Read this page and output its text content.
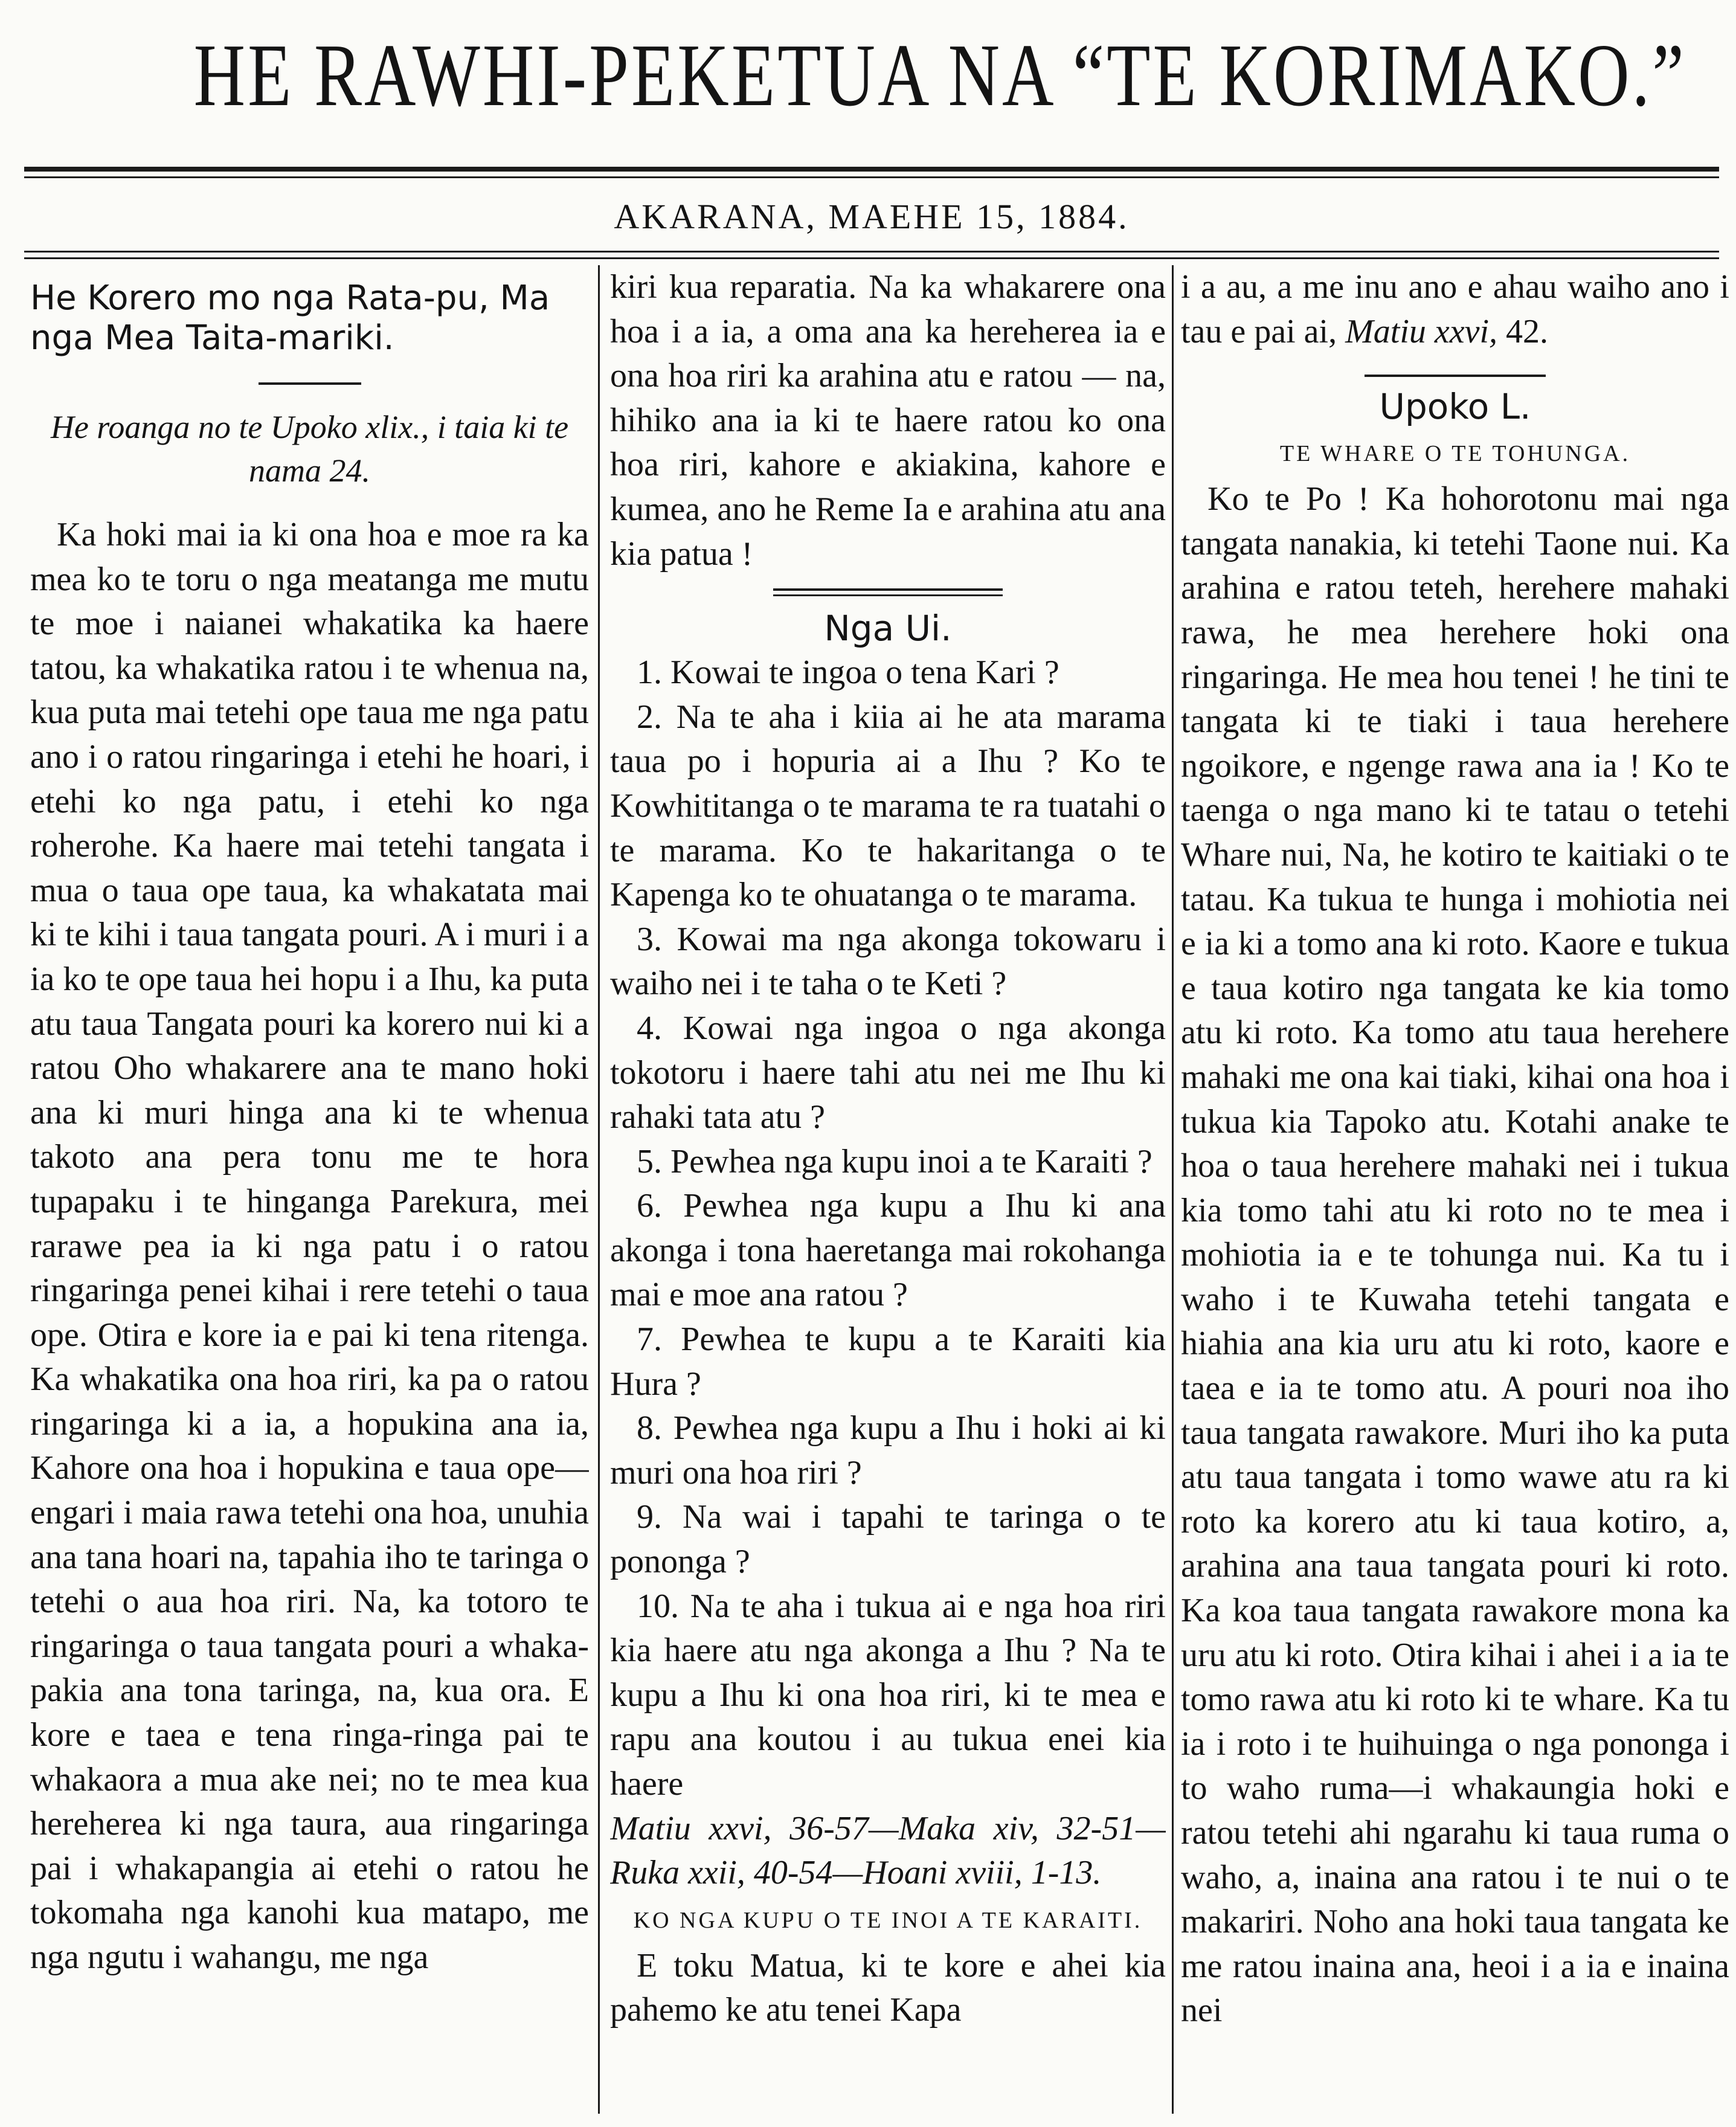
HE RAWHI-PEKETUA NA “TE KORIMAKO.”
AKARANA, MAEHE 15, 1884.
He Korero mo nga Rata-pu, Ma nga Mea Taita-mariki.
He roanga no te Upoko xlix., i taia ki te nama 24.

Ka hoki mai ia ki ona hoa e moe ra ka mea ko te toru o nga meatanga me mutu te moe i naianei whakatika ka haere tatou, ka whakatika ratou i te whenua na, kua puta mai tetehi ope taua me nga patu ano i o ratou ringaringa i etehi he hoari, i etehi ko nga patu, i etehi ko nga roherohe. Ka haere mai tetehi tangata i mua o taua ope taua, ka whakatata mai ki te kihi i taua tangata pouri. A i muri i a ia ko te ope taua hei hopu i a Ihu, ka puta atu taua Tangata pouri ka korero nui ki a ratou Oho whakarere ana te mano hoki ana ki muri hinga ana ki te whenua takoto ana pera tonu me te hora tupapaku i te hinganga Parekura, mei rarawe pea ia ki nga patu i o ratou ringaringa penei kihai i rere tetehi o taua ope. Otira e kore ia e pai ki tena ritenga. Ka whakatika ona hoa riri, ka pa o ratou ringaringa ki a ia, a hopukina ana ia, Kahore ona hoa i hopukina e taua ope—engari i maia rawa tetehi ona hoa, unuhia ana tana hoari na, tapahia iho te taringa o tetehi o aua hoa riri. Na, ka totoro te ringaringa o taua tangata pouri a whaka-pakia ana tona taringa, na, kua ora. E kore e taea e tena ringa-ringa pai te whakaora a mua ake nei; no te mea kua hereherea ki nga taura, aua ringaringa pai i whakapangia ai etehi o ratou he tokomaha nga kanohi kua matapo, me nga ngutu i wahangu, me nga

kiri kua reparatia. Na ka whakarere ona hoa i a ia, a oma ana ka hereherea ia e ona hoa riri ka arahina atu e ratou — na, hihiko ana ia ki te haere ratou ko ona hoa riri, kahore e akiakina, kahore e kumea, ano he Reme Ia e arahina atu ana kia patua !

Nga Ui.

1. Kowai te ingoa o tena Kari ?

2. Na te aha i kiia ai he ata marama taua po i hopuria ai a Ihu ? Ko te Kowhititanga o te marama te ra tuatahi o te marama. Ko te hakaritanga o te Kapenga ko te ohuatanga o te marama.

3. Kowai ma nga akonga tokowaru i waiho nei i te taha o te Keti ?

4. Kowai nga ingoa o nga akonga tokotoru i haere tahi atu nei me Ihu ki rahaki tata atu ?

5. Pewhea nga kupu inoi a te Karaiti ?

6. Pewhea nga kupu a Ihu ki ana akonga i tona haeretanga mai rokohanga mai e moe ana ratou ?

7. Pewhea te kupu a te Karaiti kia Hura ?

8. Pewhea nga kupu a Ihu i hoki ai ki muri ona hoa riri ?

9. Na wai i tapahi te taringa o te pononga ?

10. Na te aha i tukua ai e nga hoa riri kia haere atu nga akonga a Ihu ? Na te kupu a Ihu ki ona hoa riri, ki te mea e rapu ana koutou i au tukua enei kia haere

Matiu xxvi, 36-57—Maka xiv, 32-51—Ruka xxii, 40-54—Hoani xviii, 1-13.

KO NGA KUPU O TE INOI A TE KARAITI.

E toku Matua, ki te kore e ahei kia pahemo ke atu tenei Kapa

i a au, a me inu ano e ahau waiho ano i tau e pai ai, Matiu xxvi, 42.

Upoko L.
TE WHARE O TE TOHUNGA.

Ko te Po ! Ka hohorotonu mai nga tangata nanakia, ki tetehi Taone nui. Ka arahina e ratou teteh, herehere mahaki rawa, he mea herehere hoki ona ringaringa. He mea hou tenei ! he tini te tangata ki te tiaki i taua herehere ngoikore, e ngenge rawa ana ia ! Ko te taenga o nga mano ki te tatau o tetehi Whare nui, Na, he kotiro te kaitiaki o te tatau. Ka tukua te hunga i mohiotia nei e ia ki a tomo ana ki roto. Kaore e tukua e taua kotiro nga tangata ke kia tomo atu ki roto. Ka tomo atu taua herehere mahaki me ona kai tiaki, kihai ona hoa i tukua kia Tapoko atu. Kotahi anake te hoa o taua herehere mahaki nei i tukua kia tomo tahi atu ki roto no te mea i mohiotia ia e te tohunga nui. Ka tu i waho i te Kuwaha tetehi tangata e hiahia ana kia uru atu ki roto, kaore e taea e ia te tomo atu. A pouri noa iho taua tangata rawakore. Muri iho ka puta atu taua tangata i tomo wawe atu ra ki roto ka korero atu ki taua kotiro, a, arahina ana taua tangata pouri ki roto. Ka koa taua tangata rawakore mona ka uru atu ki roto. Otira kihai i ahei i a ia te tomo rawa atu ki roto ki te whare. Ka tu ia i roto i te huihuinga o nga pononga i to waho ruma—i whakaungia hoki e ratou tetehi ahi ngarahu ki taua ruma o waho, a, inaina ana ratou i te nui o te makariri. Noho ana hoki taua tangata ke me ratou inaina ana, heoi i a ia e inaina nei
